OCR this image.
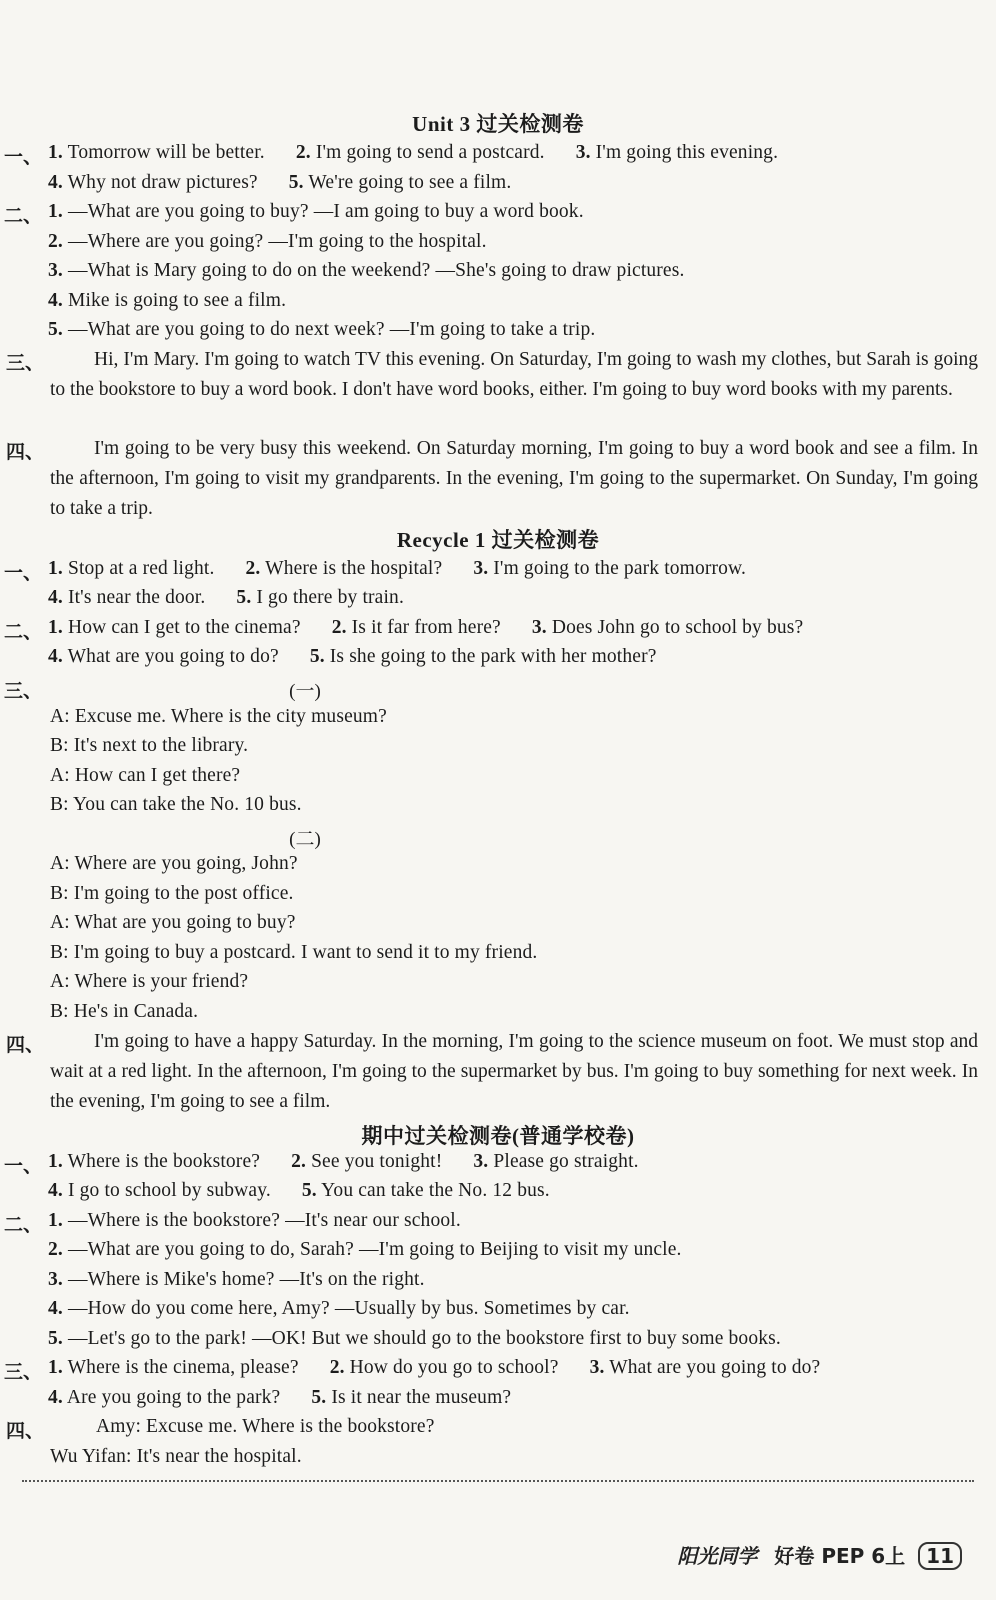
Unit 3 过关检测卷
一、 1. Tomorrow will be better. 2. I'm going to send a postcard. 3. I'm going this evening.
4. Why not draw pictures? 5. We're going to see a film.
二、 1. —What are you going to buy? —I am going to buy a word book.
2. —Where are you going? —I'm going to the hospital.
3. —What is Mary going to do on the weekend? —She's going to draw pictures.
4. Mike is going to see a film.
5. —What are you going to do next week? —I'm going to take a trip.
三、	Hi, I'm Mary. I'm going to watch TV this evening. On Saturday, I'm going to wash my clothes, but Sarah is going to the bookstore to buy a word book. I don't have word books, either. I'm going to buy word books with my parents.
四、	I'm going to be very busy this weekend. On Saturday morning, I'm going to buy a word book and see a film. In the afternoon, I'm going to visit my grandparents. In the evening, I'm going to the supermarket. On Sunday, I'm going to take a trip.
Recycle 1 过关检测卷
一、 1. Stop at a red light. 2. Where is the hospital? 3. I'm going to the park tomorrow.
4. It's near the door. 5. I go there by train.
二、 1. How can I get to the cinema? 2. Is it far from here? 3. Does John go to school by bus?
4. What are you going to do? 5. Is she going to the park with her mother?
三、	(一)
A: Excuse me. Where is the city museum?
B: It's next to the library.
A: How can I get there?
B: You can take the No. 10 bus.
(二)
A: Where are you going, John?
B: I'm going to the post office.
A: What are you going to buy?
B: I'm going to buy a postcard. I want to send it to my friend.
A: Where is your friend?
B: He's in Canada.
四、	I'm going to have a happy Saturday. In the morning, I'm going to the science museum on foot. We must stop and wait at a red light. In the afternoon, I'm going to the supermarket by bus. I'm going to buy something for next week. In the evening, I'm going to see a film.
期中过关检测卷(普通学校卷)
一、 1. Where is the bookstore? 2. See you tonight! 3. Please go straight.
4. I go to school by subway. 5. You can take the No. 12 bus.
二、 1. —Where is the bookstore? —It's near our school.
2. —What are you going to do, Sarah? —I'm going to Beijing to visit my uncle.
3. —Where is Mike's home? —It's on the right.
4. —How do you come here, Amy? —Usually by bus. Sometimes by car.
5. —Let's go to the park! —OK! But we should go to the bookstore first to buy some books.
三、 1. Where is the cinema, please? 2. How do you go to school? 3. What are you going to do?
4. Are you going to the park? 5. Is it near the museum?
四、	Amy: Excuse me. Where is the bookstore?
Wu Yifan: It's near the hospital.
阳光同学 好卷 PEP 6上 11
